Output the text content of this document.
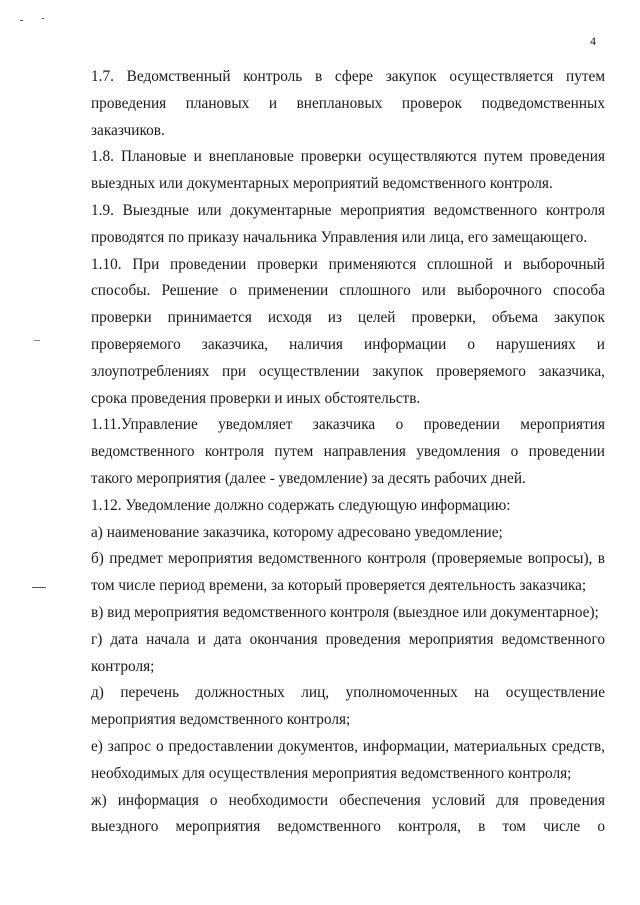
4

1.7. Ведомственный контроль в сфере закупок осуществляется путем
проведения плановых и внеплановых проверок подведомственных
заказчиков.

1.8. Плановые и внеплановые проверки осуществляются путем проведения
выездных или документарных мероприятий ведомственного контроля.

1.9. Выездные или документарные мероприятия ведомственного контроля
проводятся по приказу начальника Управления или лица, его замещающего.

1.10. При проведении проверки применяются сплошной и выборочный
способы. Решение о применении сплошного или выборочного способа
проверки принимается исходя из целей проверки, объема закупок
проверяемого заказчика, наличия информации о нарушениях и
злоупотреблениях при осуществлении закупок проверяемого заказчика,
срока проведения проверки и иных обстоятельств.

1.11.Управление уведомляет заказчика о проведении мероприятия
ведомственного контроля путем направления уведомления о проведении
такого мероприятия (далее - уведомление) за десять рабочих дней.

1.12. Уведомление должно содержать следующую информацию:

а) наименование заказчика, которому адресовано уведомление;

б) предмет мероприятия ведомственного контроля (проверяемые вопросы), в
том числе период времени, за который проверяется деятельность заказчика;

в) вид мероприятия ведомственного контроля (выездное или документарное);

г) дата начала и дата окончания проведения мероприятия ведомственного
контроля;

д) перечень должностных лиц, уполномоченных на осуществление
мероприятия ведомственного контроля;

е) запрос о предоставлении документов, информации, материальных средств,
необходимых для осуществления мероприятия ведомственного контроля;

ж) информация о необходимости обеспечения условий для проведения
выездного мероприятия ведомственного контроля, в том числе о
